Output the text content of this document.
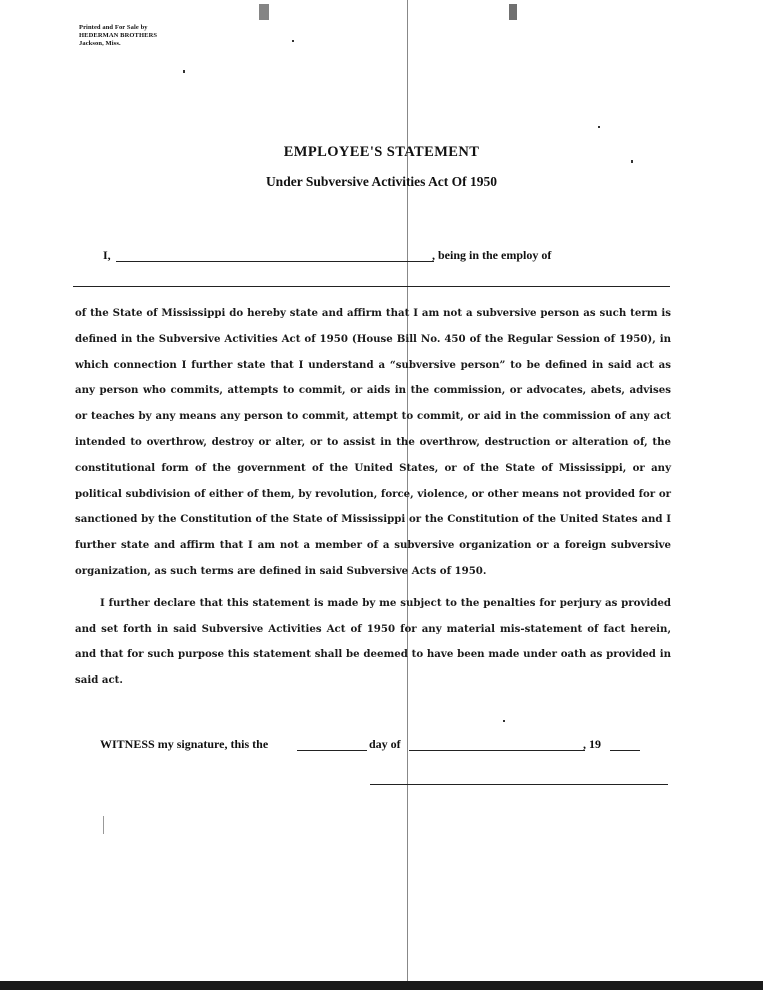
Printed and For Sale by
HEDERMAN BROTHERS
Jackson, Miss.
EMPLOYEE'S STATEMENT
Under Subversive Activities Act Of 1950
I,	, being in the employ of

of the State of Mississippi do hereby state and affirm that I am not a subversive person as such term is defined in the Subversive Activities Act of 1950 (House Bill No. 450 of the Regular Session of 1950), in which connection I further state that I understand a “subversive person” to be defined in said act as any person who commits, attempts to commit, or aids in the commission, or advocates, abets, advises or teaches by any means any person to commit, attempt to commit, or aid in the commission of any act intended to overthrow, destroy or alter, or to assist in the overthrow, destruction or alteration of, the constitutional form of the government of the United States, or of the State of Mississippi, or any political subdivision of either of them, by revolution, force, violence, or other means not provided for or sanctioned by the Constitution of the State of Mississippi or the Constitution of the United States and I further state and affirm that I am not a member of a subversive organization or a foreign subversive organization, as such terms are defined in said Subversive Acts of 1950.

I further declare that this statement is made by me subject to the penalties for perjury as provided and set forth in said Subversive Activities Act of 1950 for any material mis-statement of fact herein, and that for such purpose this statement shall be deemed to have been made under oath as provided in said act.

WITNESS my signature, this the	day of	, 19
